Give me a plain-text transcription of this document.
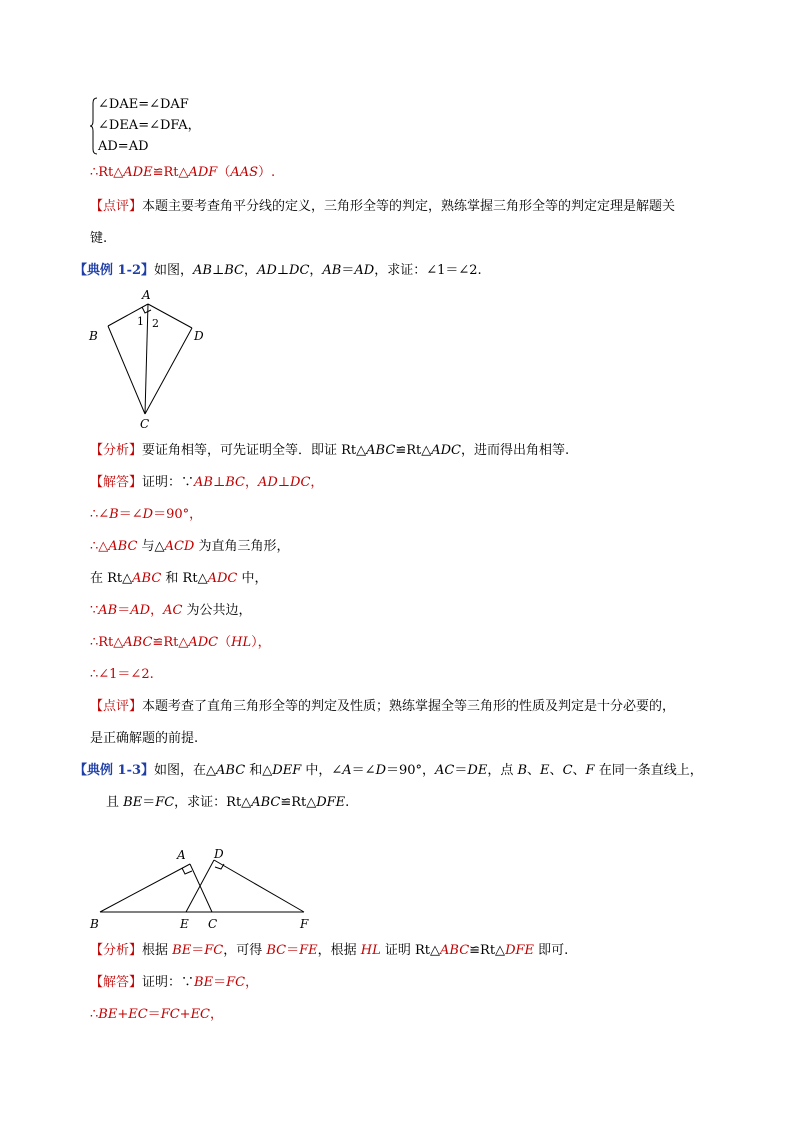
∠DAE=∠DAF
∠DEA=∠DFA，
AD=AD
∴Rt△ADE≌Rt△ADF（AAS）.
【点评】本题主要考查角平分线的定义，三角形全等的判定，熟练掌握三角形全等的判定定理是解题关
键.
【典例 1-2】如图，AB⊥BC，AD⊥DC，AB＝AD，求证：∠1＝∠2.
A
B	D
C
1 2
【分析】要证角相等，可先证明全等．即证 Rt△ABC≌Rt△ADC，进而得出角相等.
【解答】证明：∵AB⊥BC，AD⊥DC，
∴∠B＝∠D＝90°，
∴△ABC 与△ACD 为直角三角形，
在 Rt△ABC 和 Rt△ADC 中，
∵AB＝AD，AC 为公共边，
∴Rt△ABC≌Rt△ADC（HL），
∴∠1＝∠2.
【点评】本题考查了直角三角形全等的判定及性质；熟练掌握全等三角形的性质及判定是十分必要的，
是正确解题的前提.
【典例 1-3】如图，在△ABC 和△DEF 中，∠A＝∠D＝90°，AC＝DE，点 B、E、C、F 在同一条直线上，
且 BE＝FC，求证：Rt△ABC≌Rt△DFE.
A D
B	E C	F
【分析】根据 BE＝FC，可得 BC＝FE，根据 HL 证明 Rt△ABC≌Rt△DFE 即可.
【解答】证明：∵BE＝FC，
∴BE+EC＝FC+EC，
